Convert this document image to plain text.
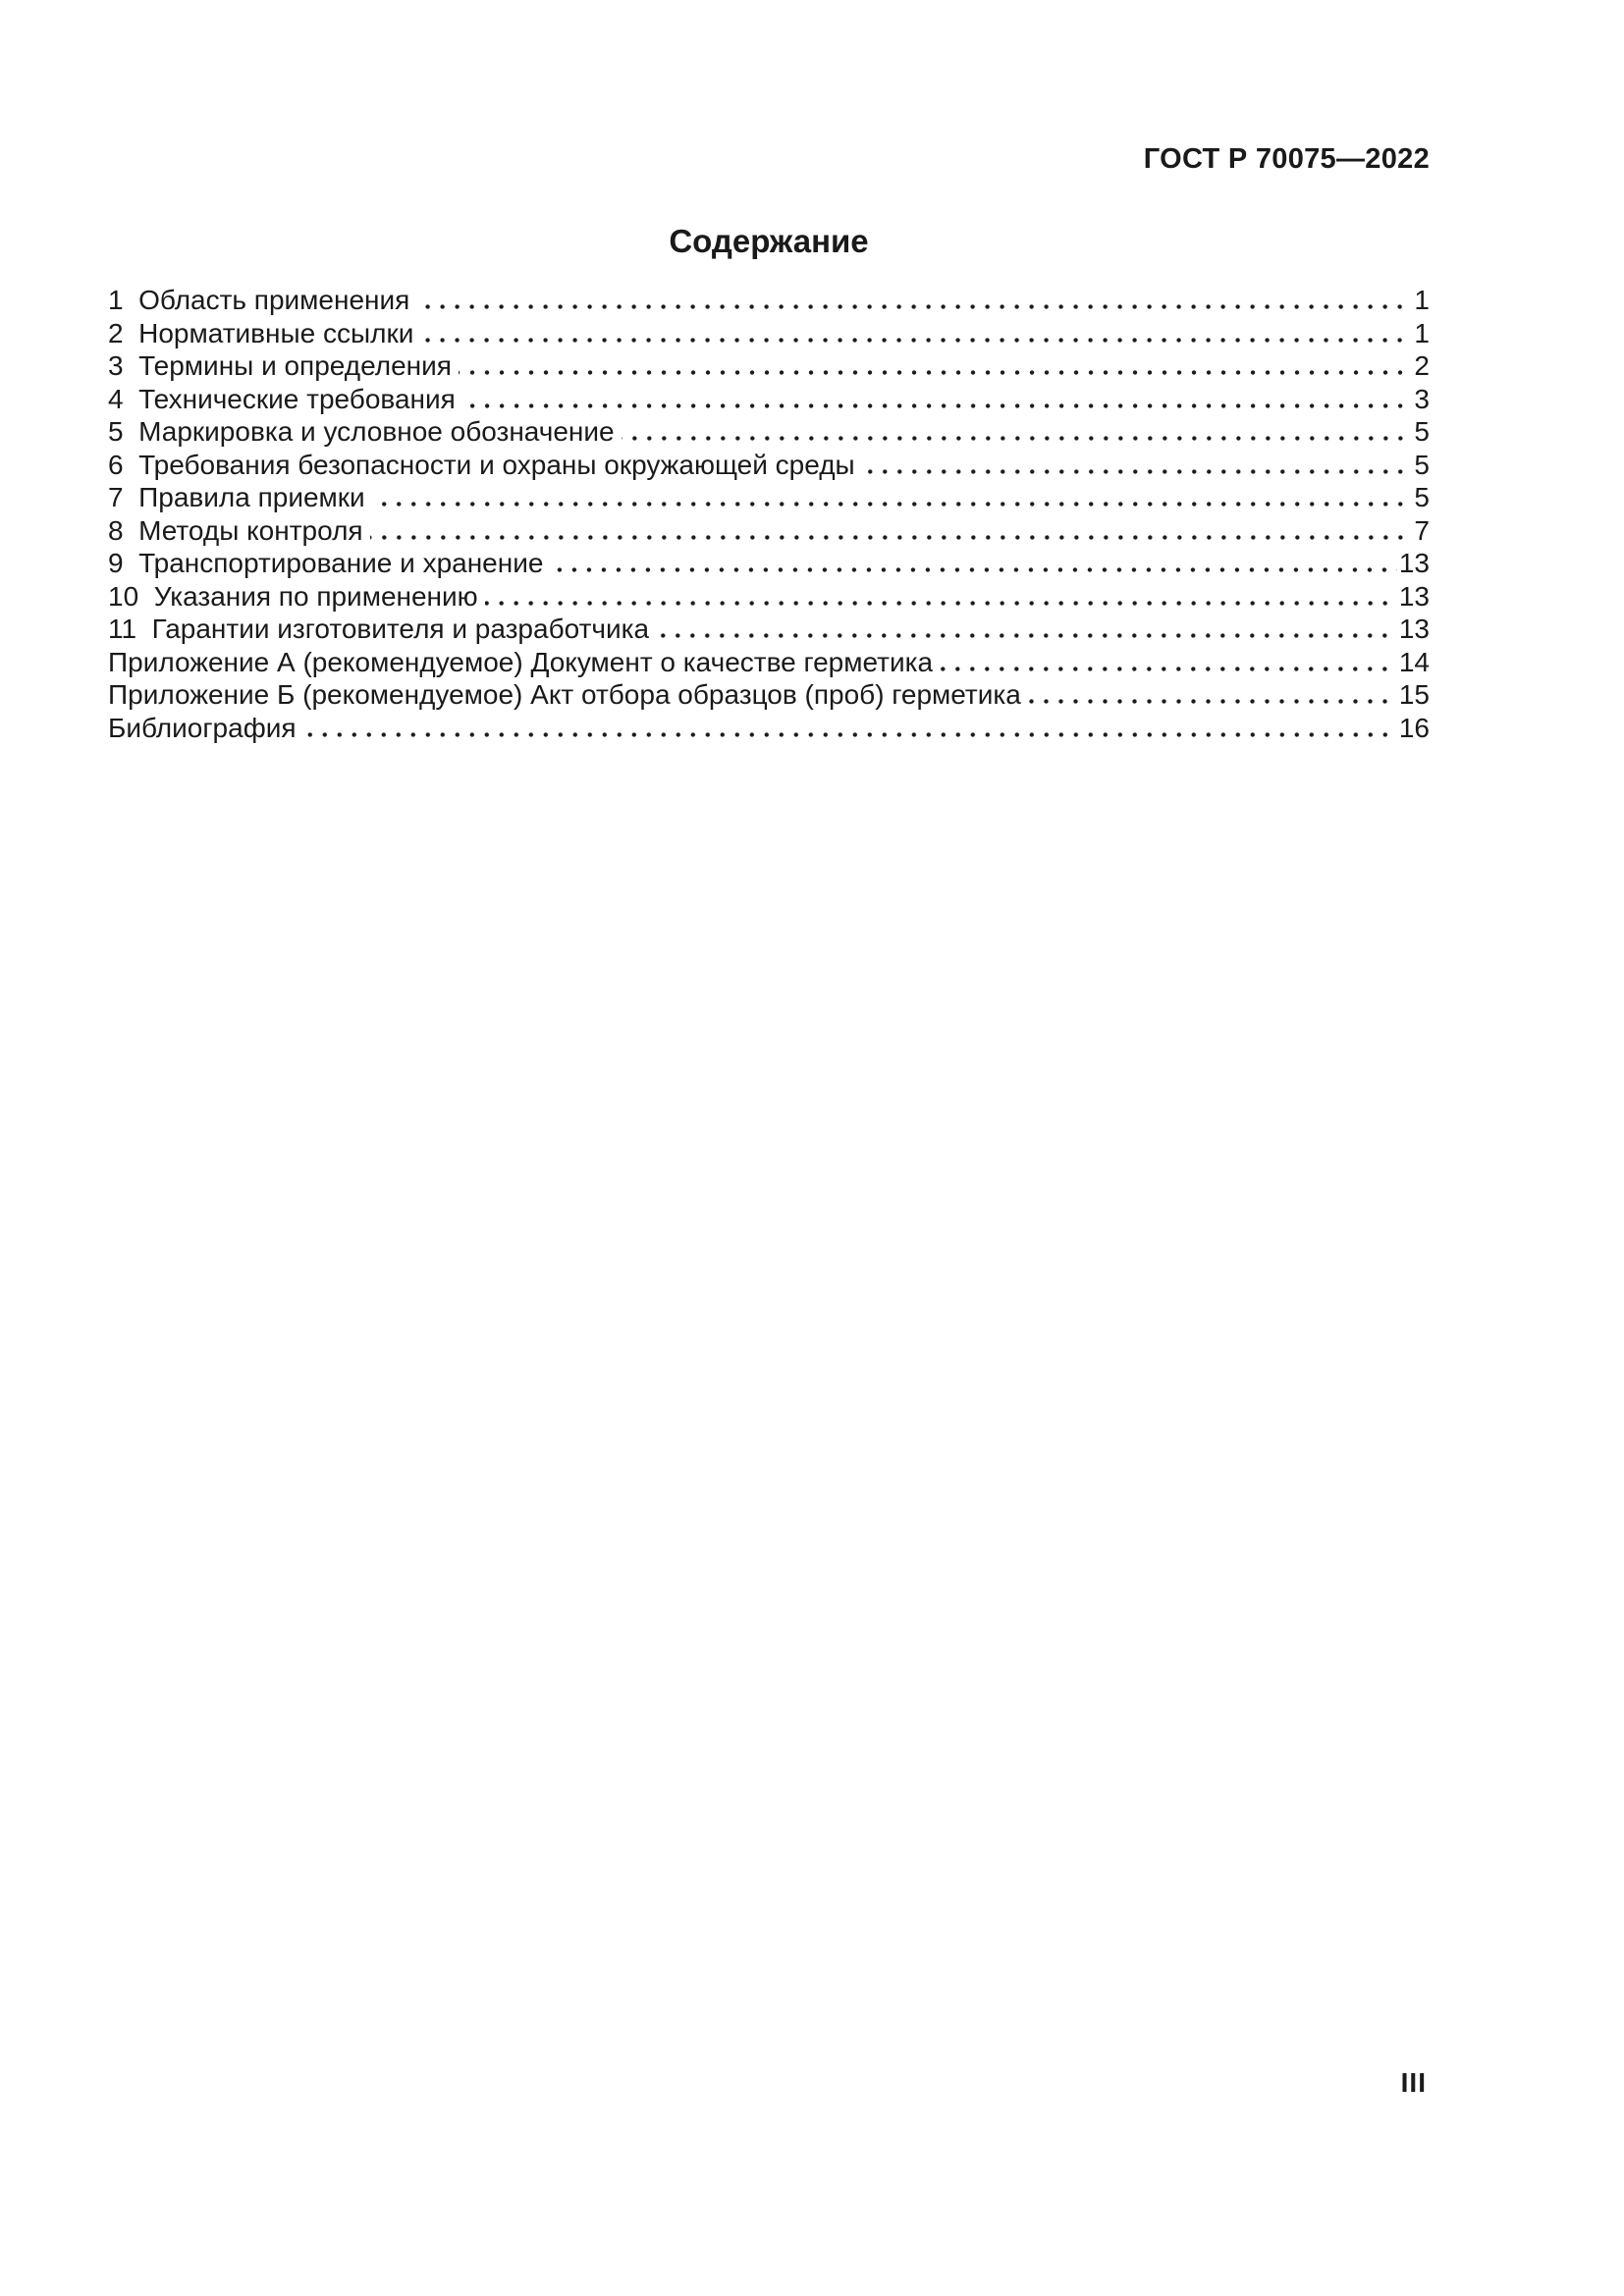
ГОСТ Р 70075—2022
Содержание
1  Область применения	1
2  Нормативные ссылки	1
3  Термины и определения	2
4  Технические требования	3
5  Маркировка и условное обозначение	5
6  Требования безопасности и охраны окружающей среды	5
7  Правила приемки	5
8  Методы контроля	7
9  Транспортирование и хранение	13
10  Указания по применению	13
11  Гарантии изготовителя и разработчика	13
Приложение А (рекомендуемое) Документ о качестве герметика	14
Приложение Б (рекомендуемое) Акт отбора образцов (проб) герметика	15
Библиография	16
III
